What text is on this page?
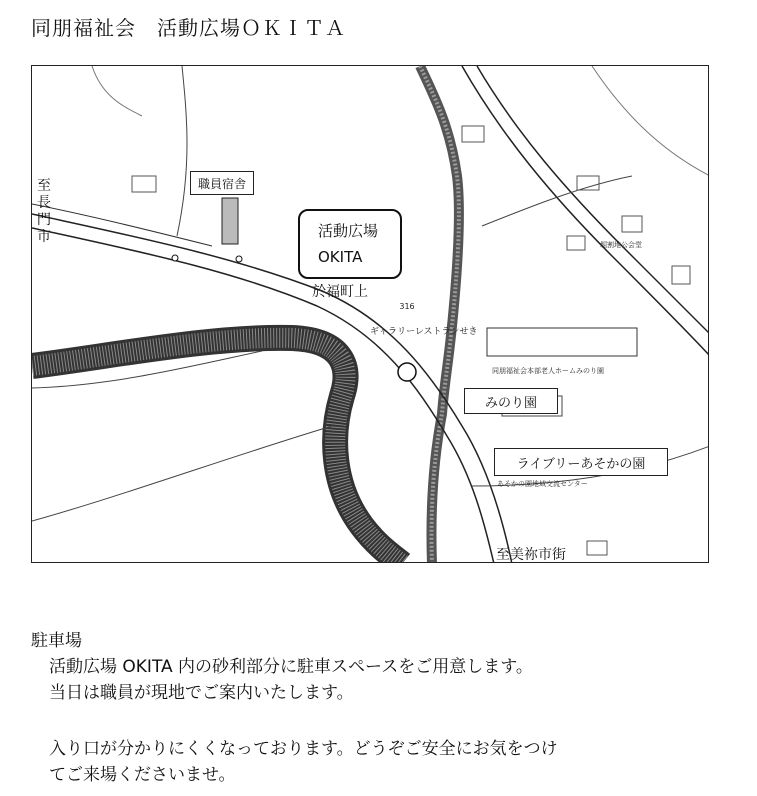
同朋福祉会　活動広場ＯＫＩＴＡ
至
長
門
市
職員宿舎
活動広場
OKITA
於福町上
ギャラリーレストランせき
316
同朋福祉会本部老人ホームみのり園
みのり園
ライブリーあそかの園
あそかの園地域交流センター
堀割地公会堂
至美祢市街
駐車場
活動広場 OKITA 内の砂利部分に駐車スペースをご用意します。
当日は職員が現地でご案内いたします。
入り口が分かりにくくなっております。どうぞご安全にお気をつけ
てご来場くださいませ。
